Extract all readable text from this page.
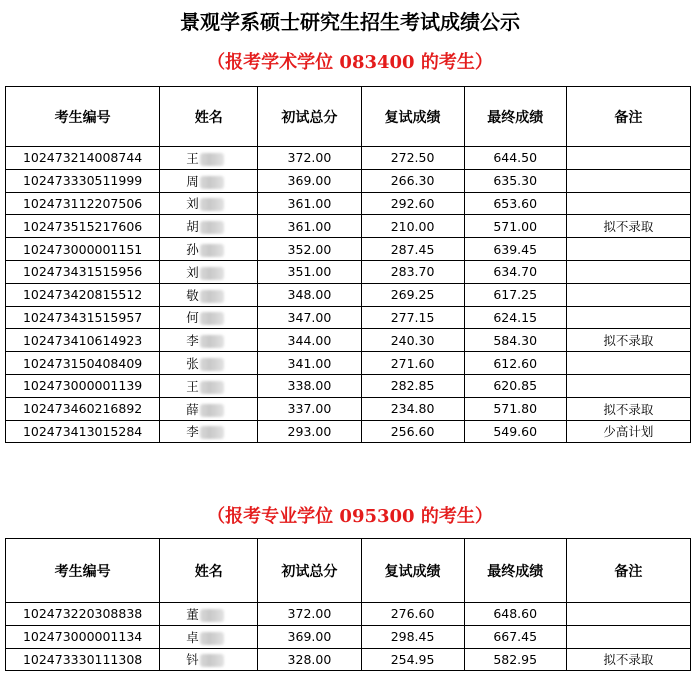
景观学系硕士研究生招生考试成绩公示
（报考学术学位 083400 的考生）
考生编号	姓名	初试总分	复试成绩	最终成绩	备注
102473214008744	王	372.00	272.50	644.50	
102473330511999	周	369.00	266.30	635.30	
102473112207506	刘	361.00	292.60	653.60	
102473515217606	胡	361.00	210.00	571.00	拟不录取
102473000001151	孙	352.00	287.45	639.45	
102473431515956	刘	351.00	283.70	634.70	
102473420815512	敬	348.00	269.25	617.25	
102473431515957	何	347.00	277.15	624.15	
102473410614923	李	344.00	240.30	584.30	拟不录取
102473150408409	张	341.00	271.60	612.60	
102473000001139	王	338.00	282.85	620.85	
102473460216892	薛	337.00	234.80	571.80	拟不录取
102473413015284	李	293.00	256.60	549.60	少高计划
（报考专业学位 095300 的考生）
考生编号	姓名	初试总分	复试成绩	最终成绩	备注
102473220308838	董	372.00	276.60	648.60	
102473000001134	卓	369.00	298.45	667.45	
102473330111308	钭	328.00	254.95	582.95	拟不录取
